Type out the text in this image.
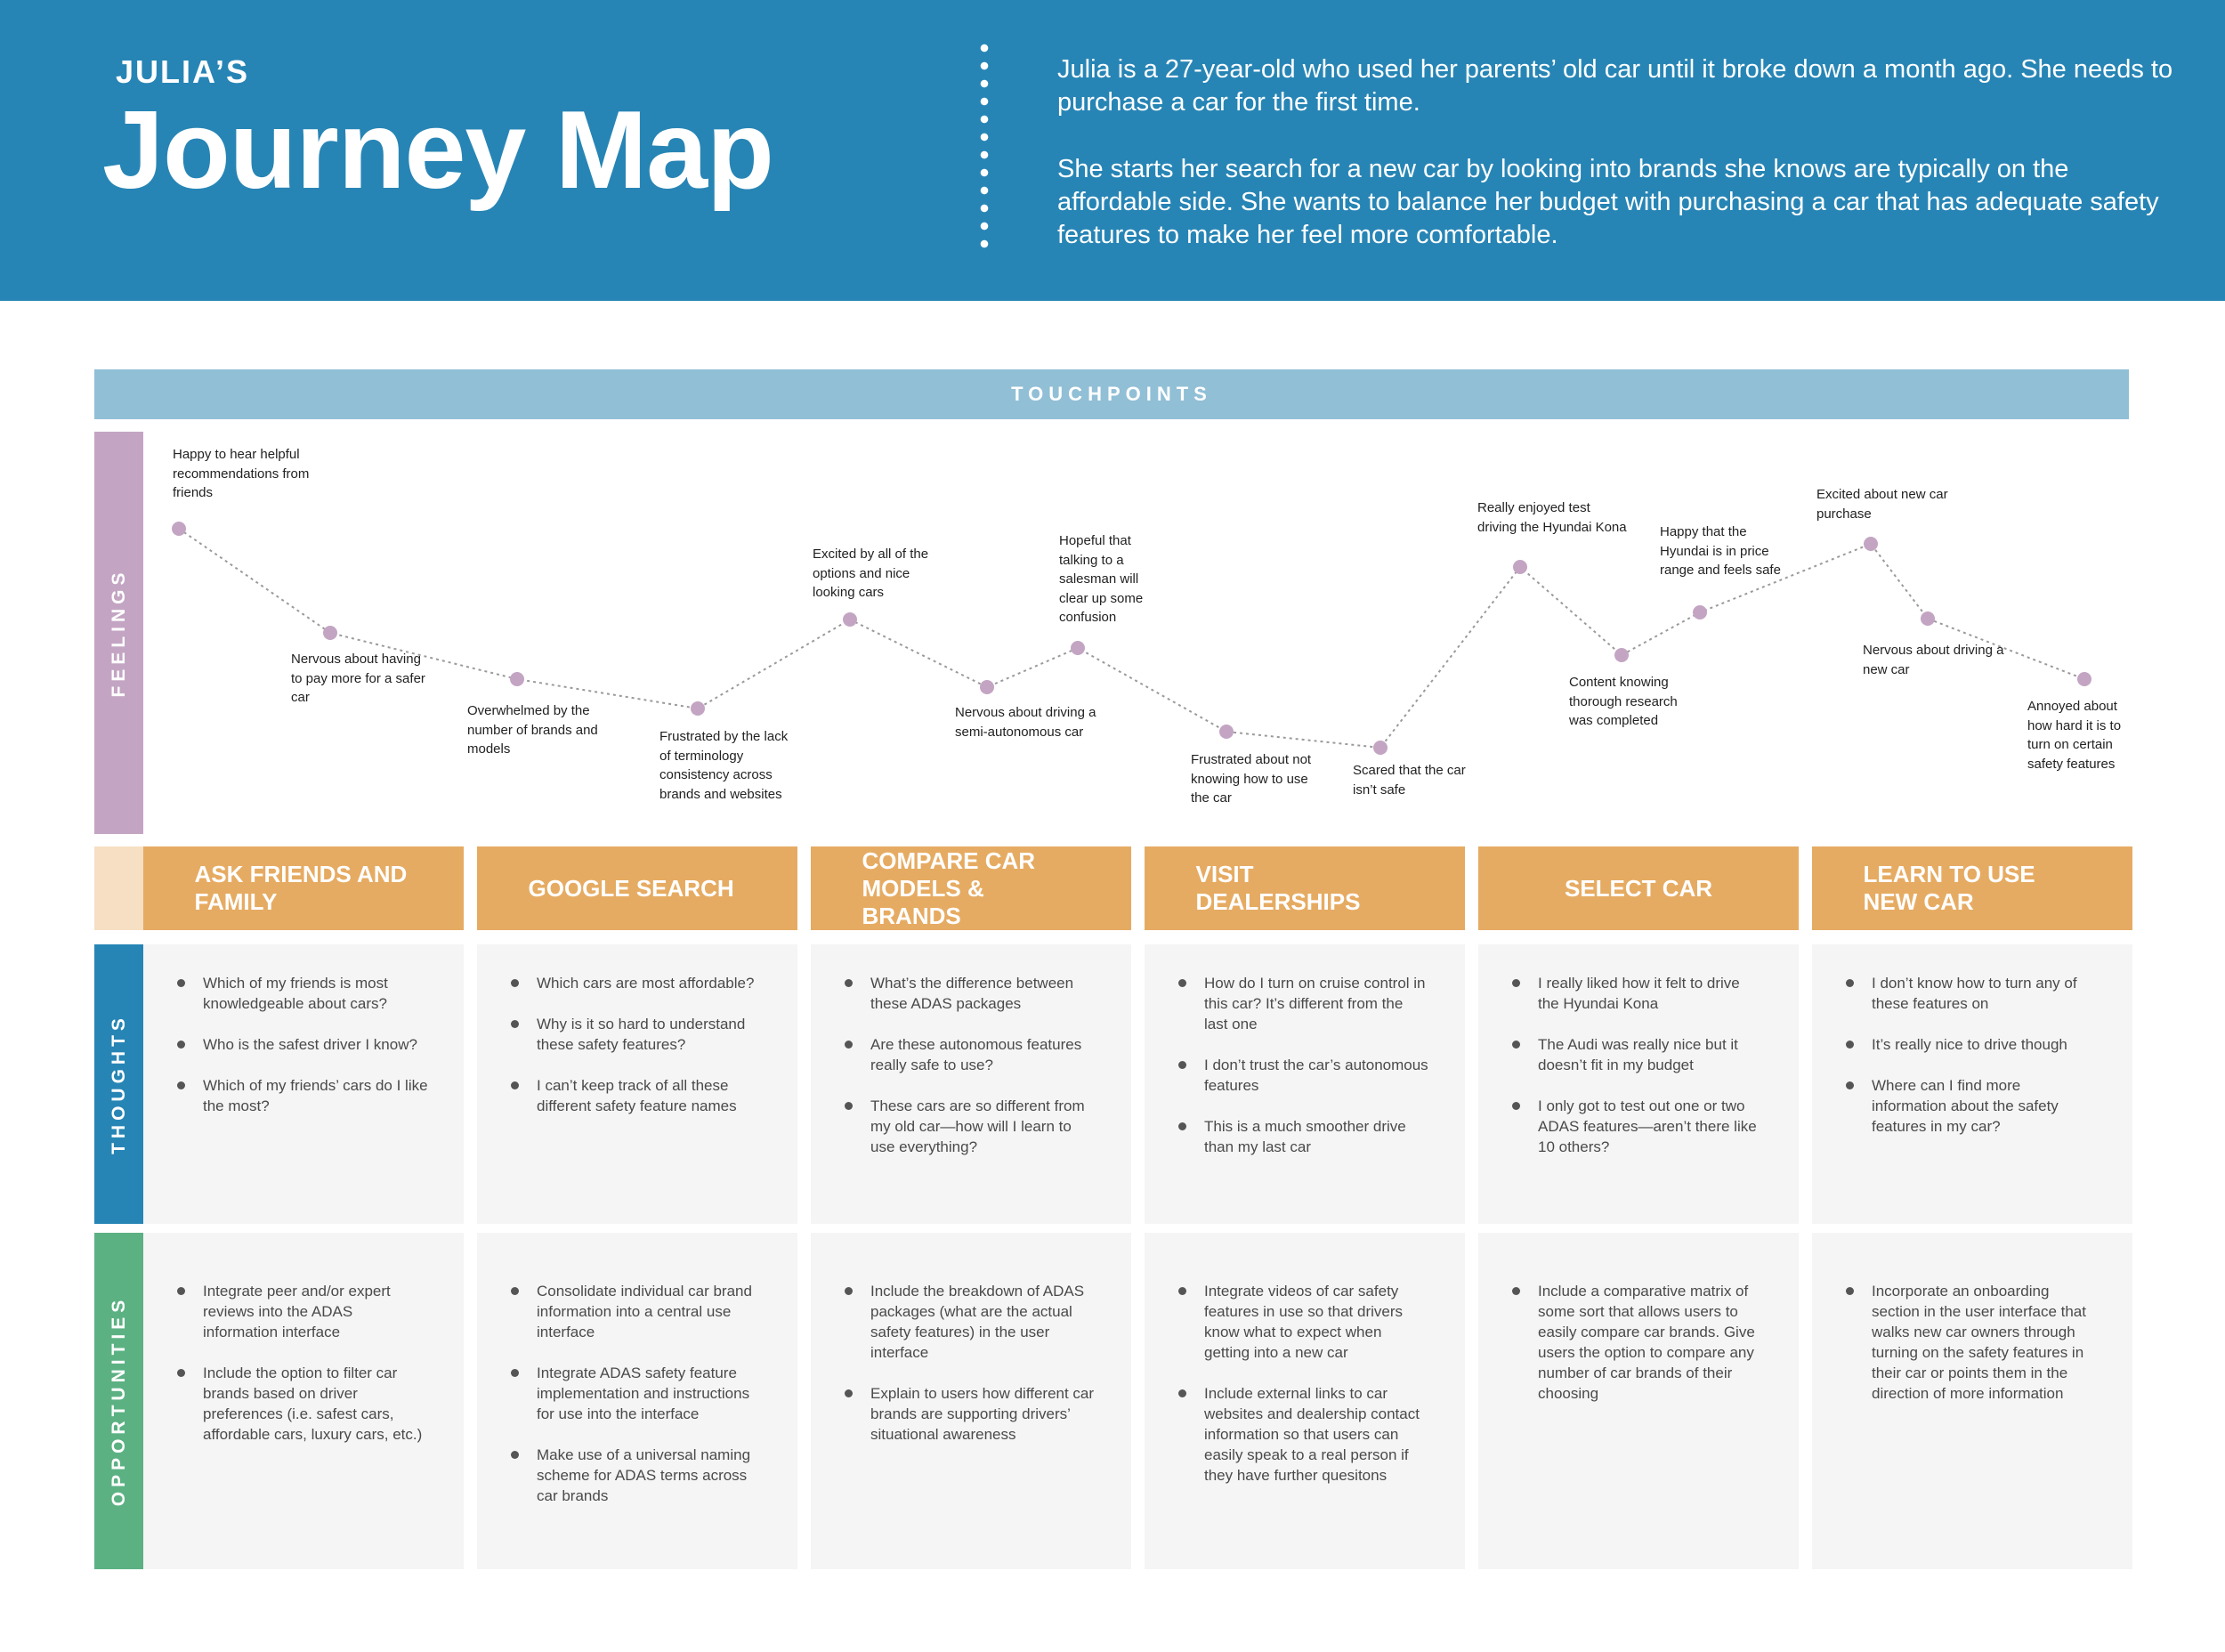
JULIA’S
Journey Map

Julia is a 27-year-old who used her parents’ old car until it broke down a month ago. She needs to purchase a car for the first time.

She starts her search for a new car by looking into brands she knows are typically on the affordable side. She wants to balance her budget with purchasing a car that has adequate safety features to make her feel more comfortable.

TOUCHPOINTS
FEELINGS
THOUGHTS
OPPORTUNITIES
Happy to hear helpful recommendations from friends
Nervous about having to pay more for a safer car
Overwhelmed by the number of brands and models
Frustrated by the lack of terminology consistency across brands and websites
Excited by all of the options and nice looking cars
Nervous about driving a semi-autonomous car
Hopeful that talking to a salesman will clear up some confusion
Frustrated about not knowing how to use the car
Scared that the car isn’t safe
Really enjoyed test driving the Hyundai Kona
Content knowing thorough research was completed
Happy that the Hyundai is in price range and feels safe
Excited about new car purchase
Nervous about driving a new car
Annoyed about how hard it is to turn on certain safety features
ASK FRIENDS AND FAMILY
GOOGLE SEARCH
COMPARE CAR MODELS & BRANDS
VISIT DEALERSHIPS
SELECT CAR
LEARN TO USE NEW CAR
Which of my friends is most knowledgeable about cars?
Who is the safest driver I know?
Which of my friends’ cars do I like the most?
Which cars are most affordable?
Why is it so hard to understand these safety features?
I can’t keep track of all these different safety feature names
What’s the difference between these ADAS packages
Are these autonomous features really safe to use?
These cars are so different from my old car—how will I learn to use everything?
How do I turn on cruise control in this car? It’s different from the last one
I don’t trust the car’s autonomous features
This is a much smoother drive than my last car
I really liked how it felt to drive the Hyundai Kona
The Audi was really nice but it doesn’t fit in my budget
I only got to test out one or two ADAS features—aren’t there like 10 others?
I don’t know how to turn any of these features on
It’s really nice to drive though
Where can I find more information about the safety features in my car?
Integrate peer and/or expert reviews into the ADAS information interface
Include the option to filter car brands based on driver preferences (i.e. safest cars, affordable cars, luxury cars, etc.)
Consolidate individual car brand information into a central use interface
Integrate ADAS safety feature implementation and instructions for use into the interface
Make use of a universal naming scheme for ADAS terms across car brands
Include the breakdown of ADAS packages (what are the actual safety features) in the user interface
Explain to users how different car brands are supporting drivers’ situational awareness
Integrate videos of car safety features in use so that drivers know what to expect when getting into a new car
Include external links to car websites and dealership contact information so that users can easily speak to a real person if they have further quesitons
Include a comparative matrix of some sort that allows users to easily compare car brands. Give users the option to compare any number of car brands of their choosing
Incorporate an onboarding section in the user interface that walks new car owners through turning on the safety features in their car or points them in the direction of more information
